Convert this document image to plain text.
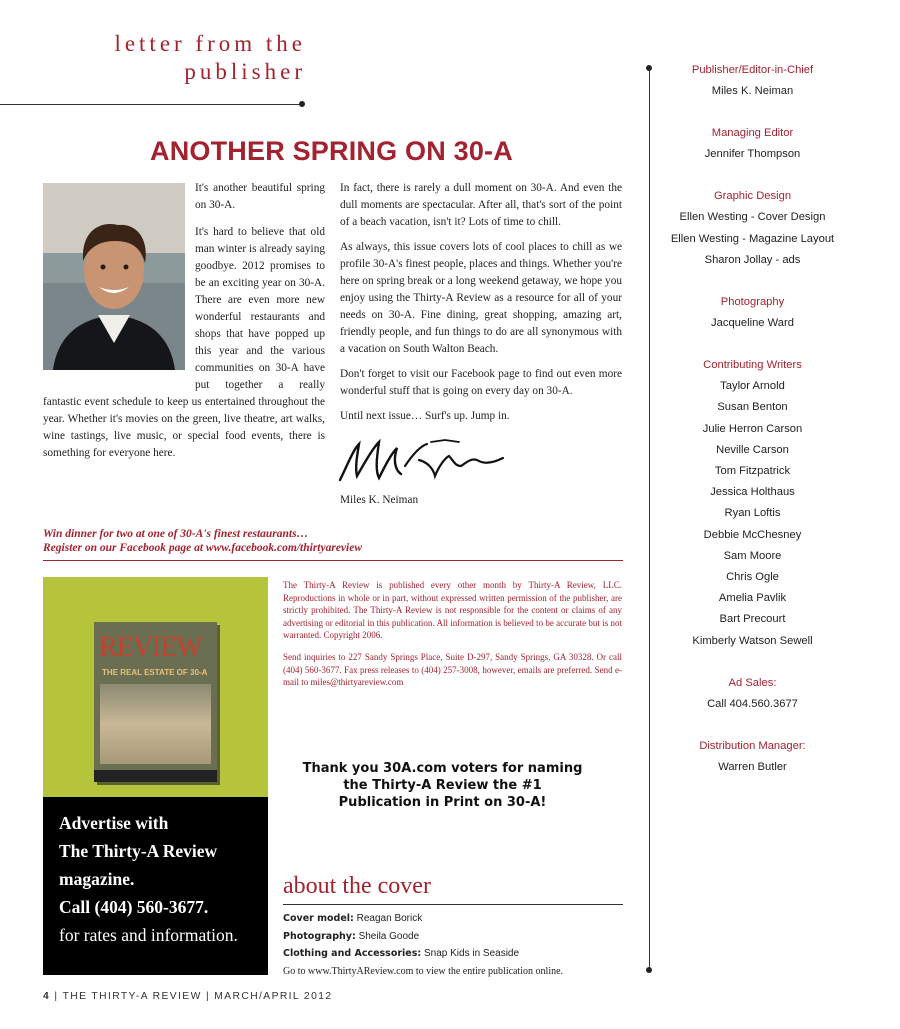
letter from the
publisher
ANOTHER SPRING ON 30-A

It's another beautiful spring on 30-A.

It's hard to believe that old man winter is already saying goodbye. 2012 promises to be an exciting year on 30-A. There are even more new wonderful restaurants and shops that have popped up this year and the various communities on 30-A have put together a really fantastic event schedule to keep us entertained throughout the year. Whether it's movies on the green, live theatre, art walks, wine tastings, live music, or special food events, there is something for everyone here.

In fact, there is rarely a dull moment on 30-A. And even the dull moments are spectacular. After all, that's sort of the point of a beach vacation, isn't it? Lots of time to chill.

As always, this issue covers lots of cool places to chill as we profile 30-A's finest people, places and things. Whether you're here on spring break or a long weekend getaway, we hope you enjoy using the Thirty-A Review as a resource for all of your needs on 30-A. Fine dining, great shopping, amazing art, friendly people, and fun things to do are all synonymous with a vacation on South Walton Beach.

Don't forget to visit our Facebook page to find out even more wonderful stuff that is going on every day on 30-A.

Until next issue… Surf's up. Jump in.

Miles K. Neiman
Win dinner for two at one of 30-A's finest restaurants…
Register on our Facebook page at www.facebook.com/thirtyareview
REVIEW
THE REAL ESTATE OF 30-A
Advertise with
The Thirty-A Review
magazine.
Call (404) 560-3677.
for rates and information.

The Thirty-A Review is published every other month by Thirty-A Review, LLC. Reproductions in whole or in part, without expressed written permission of the publisher, are strictly prohibited. The Thirty-A Review is not responsible for the content or claims of any advertising or editorial in this publication. All information is believed to be accurate but is not warranted. Copyright 2006.

Send inquiries to 227 Sandy Springs Place, Suite D-297, Sandy Springs, GA 30328. Or call (404) 560-3677. Fax press releases to (404) 257-3008, however, emails are preferred. Send e-mail to miles@thirtyareview.com

Thank you 30A.com voters for naming the Thirty-A Review the #1 Publication in Print on 30-A!
about the cover
Cover model: Reagan Borick
Photography: Sheila Goode
Clothing and Accessories: Snap Kids in Seaside
Go to www.ThirtyAReview.com to view the entire publication online.
4 | THE THIRTY-A REVIEW | MARCH/APRIL 2012
Publisher/Editor-in-Chief
Miles K. Neiman
Managing Editor
Jennifer Thompson
Graphic Design
Ellen Westing - Cover Design
Ellen Westing - Magazine Layout
Sharon Jollay - ads
Photography
Jacqueline Ward
Contributing Writers
Taylor Arnold
Susan Benton
Julie Herron Carson
Neville Carson
Tom Fitzpatrick
Jessica Holthaus
Ryan Loftis
Debbie McChesney
Sam Moore
Chris Ogle
Amelia Pavlik
Bart Precourt
Kimberly Watson Sewell
Ad Sales:
Call 404.560.3677
Distribution Manager:
Warren Butler
